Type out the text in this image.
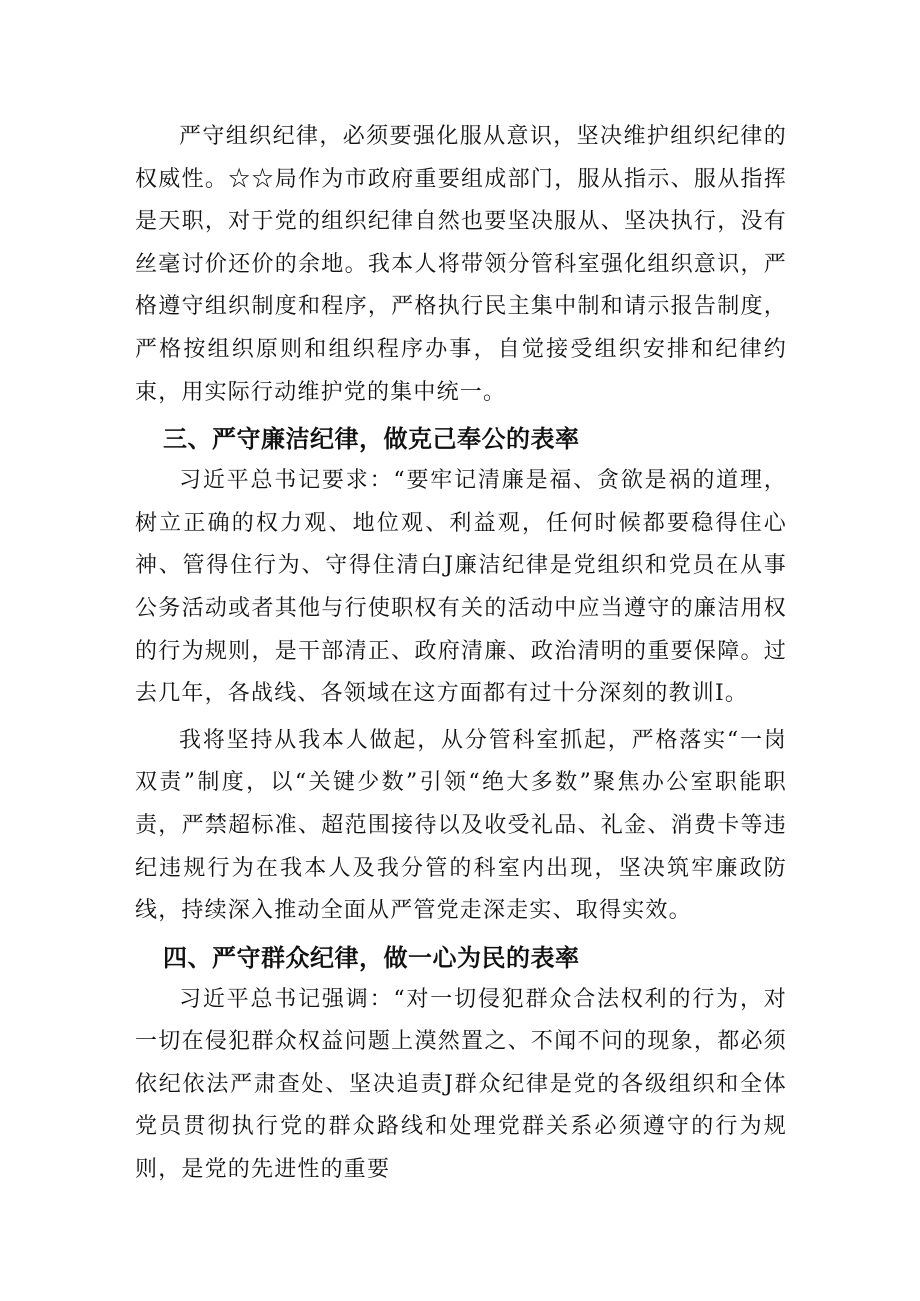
严守组织纪律，必须要强化服从意识，坚决维护组织纪律的权威性。☆☆局作为市政府重要组成部门，服从指示、服从指挥是天职，对于党的组织纪律自然也要坚决服从、坚决执行，没有丝毫讨价还价的余地。我本人将带领分管科室强化组织意识，严格遵守组织制度和程序，严格执行民主集中制和请示报告制度，严格按组织原则和组织程序办事，自觉接受组织安排和纪律约束，用实际行动维护党的集中统一。

三、严守廉洁纪律，做克己奉公的表率

习近平总书记要求：“要牢记清廉是福、贪欲是祸的道理，树立正确的权力观、地位观、利益观，任何时候都要稳得住心神、管得住行为、守得住清白J廉洁纪律是党组织和党员在从事公务活动或者其他与行使职权有关的活动中应当遵守的廉洁用权的行为规则，是干部清正、政府清廉、政治清明的重要保障。过去几年，各战线、各领域在这方面都有过十分深刻的教训I。

我将坚持从我本人做起，从分管科室抓起，严格落实“一岗双责”制度，以“关键少数”引领“绝大多数”聚焦办公室职能职责，严禁超标准、超范围接待以及收受礼品、礼金、消费卡等违纪违规行为在我本人及我分管的科室内出现，坚决筑牢廉政防线，持续深入推动全面从严管党走深走实、取得实效。

四、严守群众纪律，做一心为民的表率

习近平总书记强调：“对一切侵犯群众合法权利的行为，对一切在侵犯群众权益问题上漠然置之、不闻不问的现象，都必须依纪依法严肃查处、坚决追责J群众纪律是党的各级组织和全体党员贯彻执行党的群众路线和处理党群关系必须遵守的行为规则，是党的先进性的重要
